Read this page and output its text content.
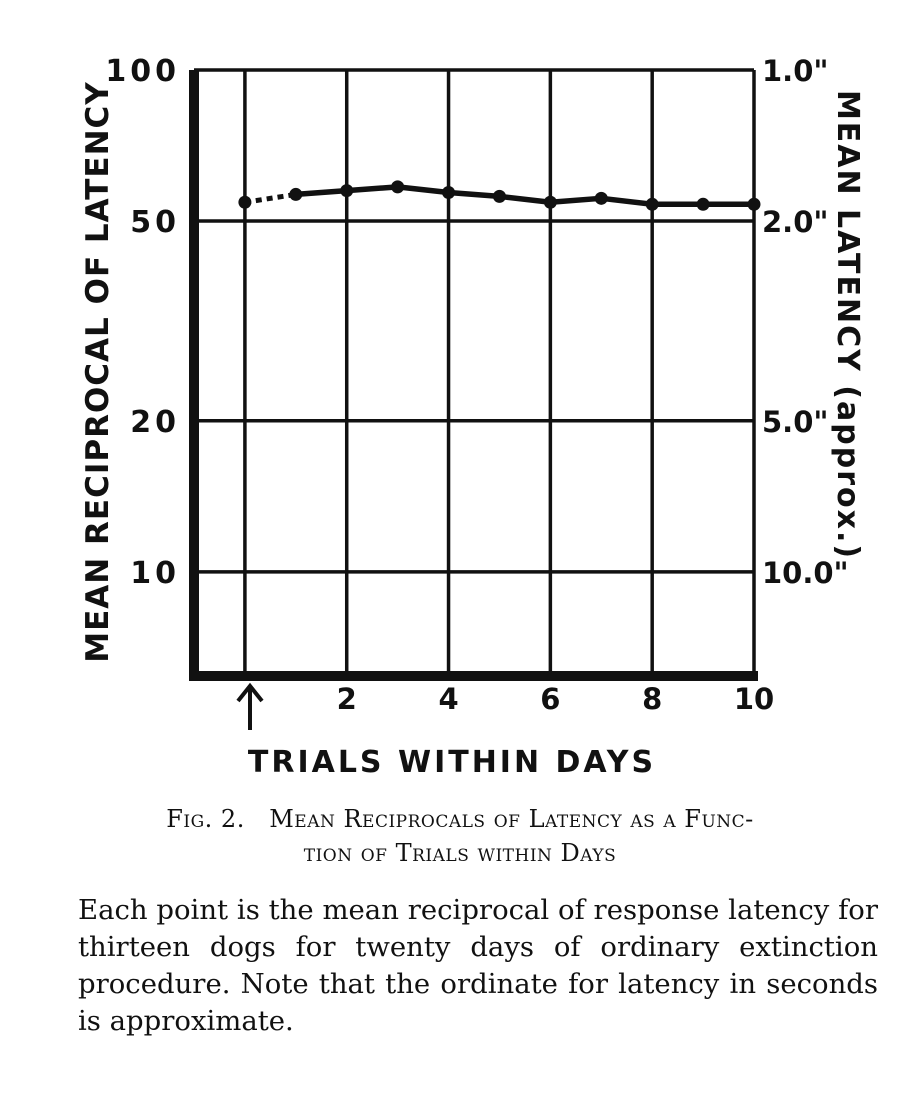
100
50
20
10
1.0"
2.0"
5.0"
10.0"
2	4	6	8 10
MEAN RECIPROCAL OF LATENCY	MEAN LATENCY (approx.)
TRIALS WITHIN DAYS
Fig. 2. Mean Reciprocals of Latency as a Func-
tion of Trials within Days
Each point is the mean reciprocal of response latency for thirteen dogs for twenty days of ordinary extinction procedure. Note that the ordinate for latency in seconds is approximate.
